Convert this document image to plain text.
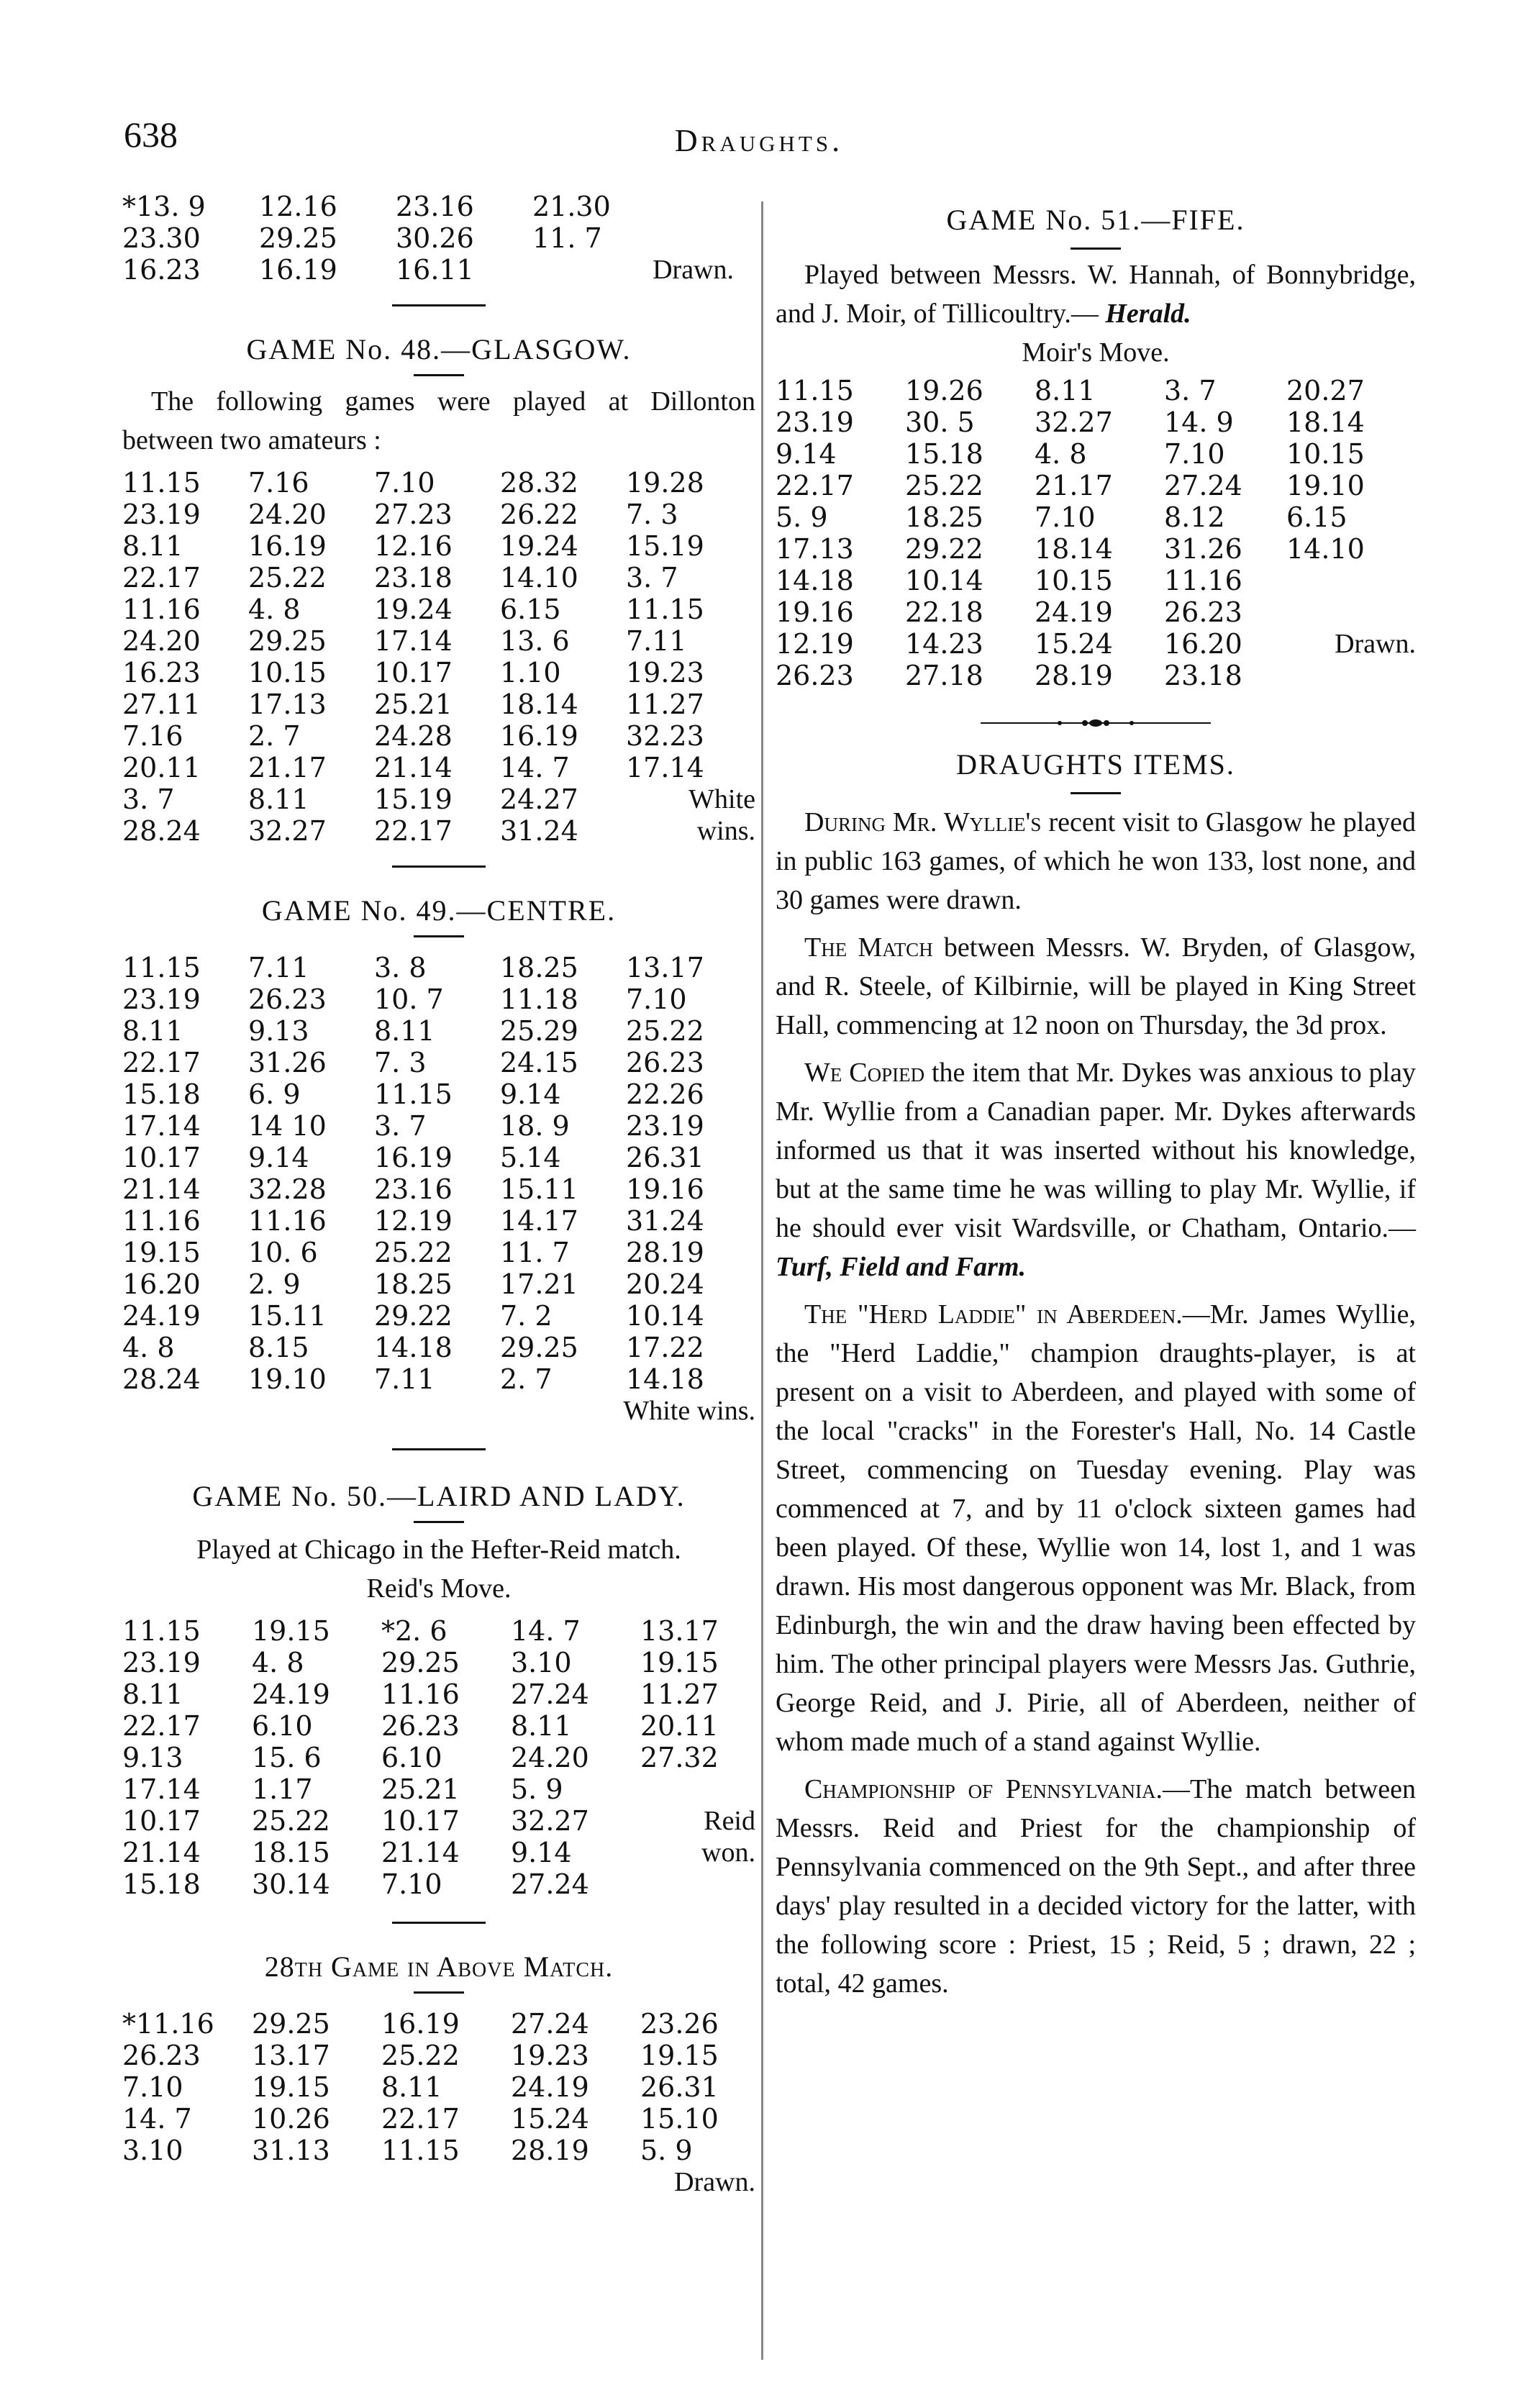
638	Draughts.
*13. 9	12.16	23.16	21.30
23.30	29.25	30.26	11. 7
16.23	16.19	16.11	Drawn.
GAME No. 48.—GLASGOW.

The following games were played at Dillonton between two amateurs :

11.15	7.16	7.10	28.32	19.28
23.19	24.20	27.23	26.22	7. 3
8.11	16.19	12.16	19.24	15.19
22.17	25.22	23.18	14.10	3. 7
11.16	4. 8	19.24	6.15	11.15
24.20	29.25	17.14	13. 6	7.11
16.23	10.15	10.17	1.10	19.23
27.11	17.13	25.21	18.14	11.27
7.16	2. 7	24.28	16.19	32.23
20.11	21.17	21.14	14. 7	17.14
3. 7	8.11	15.19	24.27	White
28.24	32.27	22.17	31.24	wins.
GAME No. 49.—CENTRE.
11.15	7.11	3. 8	18.25	13.17
23.19	26.23	10. 7	11.18	7.10
8.11	9.13	8.11	25.29	25.22
22.17	31.26	7. 3	24.15	26.23
15.18	6. 9	11.15	9.14	22.26
17.14	14 10	3. 7	18. 9	23.19
10.17	9.14	16.19	5.14	26.31
21.14	32.28	23.16	15.11	19.16
11.16	11.16	12.19	14.17	31.24
19.15	10. 6	25.22	11. 7	28.19
16.20	2. 9	18.25	17.21	20.24
24.19	15.11	29.22	7. 2	10.14
4. 8	8.15	14.18	29.25	17.22
28.24	19.10	7.11	2. 7	14.18
White wins.
GAME No. 50.—LAIRD AND LADY.

Played at Chicago in the Hefter-Reid match.

Reid's Move.

11.15	19.15	*2. 6	14. 7	13.17
23.19	4. 8	29.25	3.10	19.15
8.11	24.19	11.16	27.24	11.27
22.17	6.10	26.23	8.11	20.11
9.13	15. 6	6.10	24.20	27.32
17.14	1.17	25.21	5. 9
10.17	25.22	10.17	32.27	Reid
21.14	18.15	21.14	9.14	won.
15.18	30.14	7.10	27.24
28th Game in Above Match.
*11.16	29.25	16.19	27.24	23.26
26.23	13.17	25.22	19.23	19.15
7.10	19.15	8.11	24.19	26.31
14. 7	10.26	22.17	15.24	15.10
3.10	31.13	11.15	28.19	5. 9
Drawn.
GAME No. 51.—FIFE.

Played between Messrs. W. Hannah, of Bonnybridge, and J. Moir, of Tillicoultry.— Herald.

Moir's Move.

11.15	19.26	8.11	3. 7	20.27
23.19	30. 5	32.27	14. 9	18.14
9.14	15.18	4. 8	7.10	10.15
22.17	25.22	21.17	27.24	19.10
5. 9	18.25	7.10	8.12	6.15
17.13	29.22	18.14	31.26	14.10
14.18	10.14	10.15	11.16
19.16	22.18	24.19	26.23
12.19	14.23	15.24	16.20	Drawn.
26.23	27.18	28.19	23.18
DRAUGHTS ITEMS.

During Mr. Wyllie's recent visit to Glasgow he played in public 163 games, of which he won 133, lost none, and 30 games were drawn.

The Match between Messrs. W. Bryden, of Glasgow, and R. Steele, of Kilbirnie, will be played in King Street Hall, commencing at 12 noon on Thursday, the 3d prox.

We Copied the item that Mr. Dykes was anxious to play Mr. Wyllie from a Canadian paper. Mr. Dykes afterwards informed us that it was inserted without his knowledge, but at the same time he was willing to play Mr. Wyllie, if he should ever visit Wardsville, or Chatham, Ontario.—Turf, Field and Farm.

The "Herd Laddie" in Aberdeen.—Mr. James Wyllie, the "Herd Laddie," champion draughts-player, is at present on a visit to Aberdeen, and played with some of the local "cracks" in the Forester's Hall, No. 14 Castle Street, commencing on Tuesday evening. Play was commenced at 7, and by 11 o'clock sixteen games had been played. Of these, Wyllie won 14, lost 1, and 1 was drawn. His most dangerous opponent was Mr. Black, from Edinburgh, the win and the draw having been effected by him. The other principal players were Messrs Jas. Guthrie, George Reid, and J. Pirie, all of Aberdeen, neither of whom made much of a stand against Wyllie.

Championship of Pennsylvania.—The match between Messrs. Reid and Priest for the championship of Pennsylvania commenced on the 9th Sept., and after three days' play resulted in a decided victory for the latter, with the following score : Priest, 15 ; Reid, 5 ; drawn, 22 ; total, 42 games.
